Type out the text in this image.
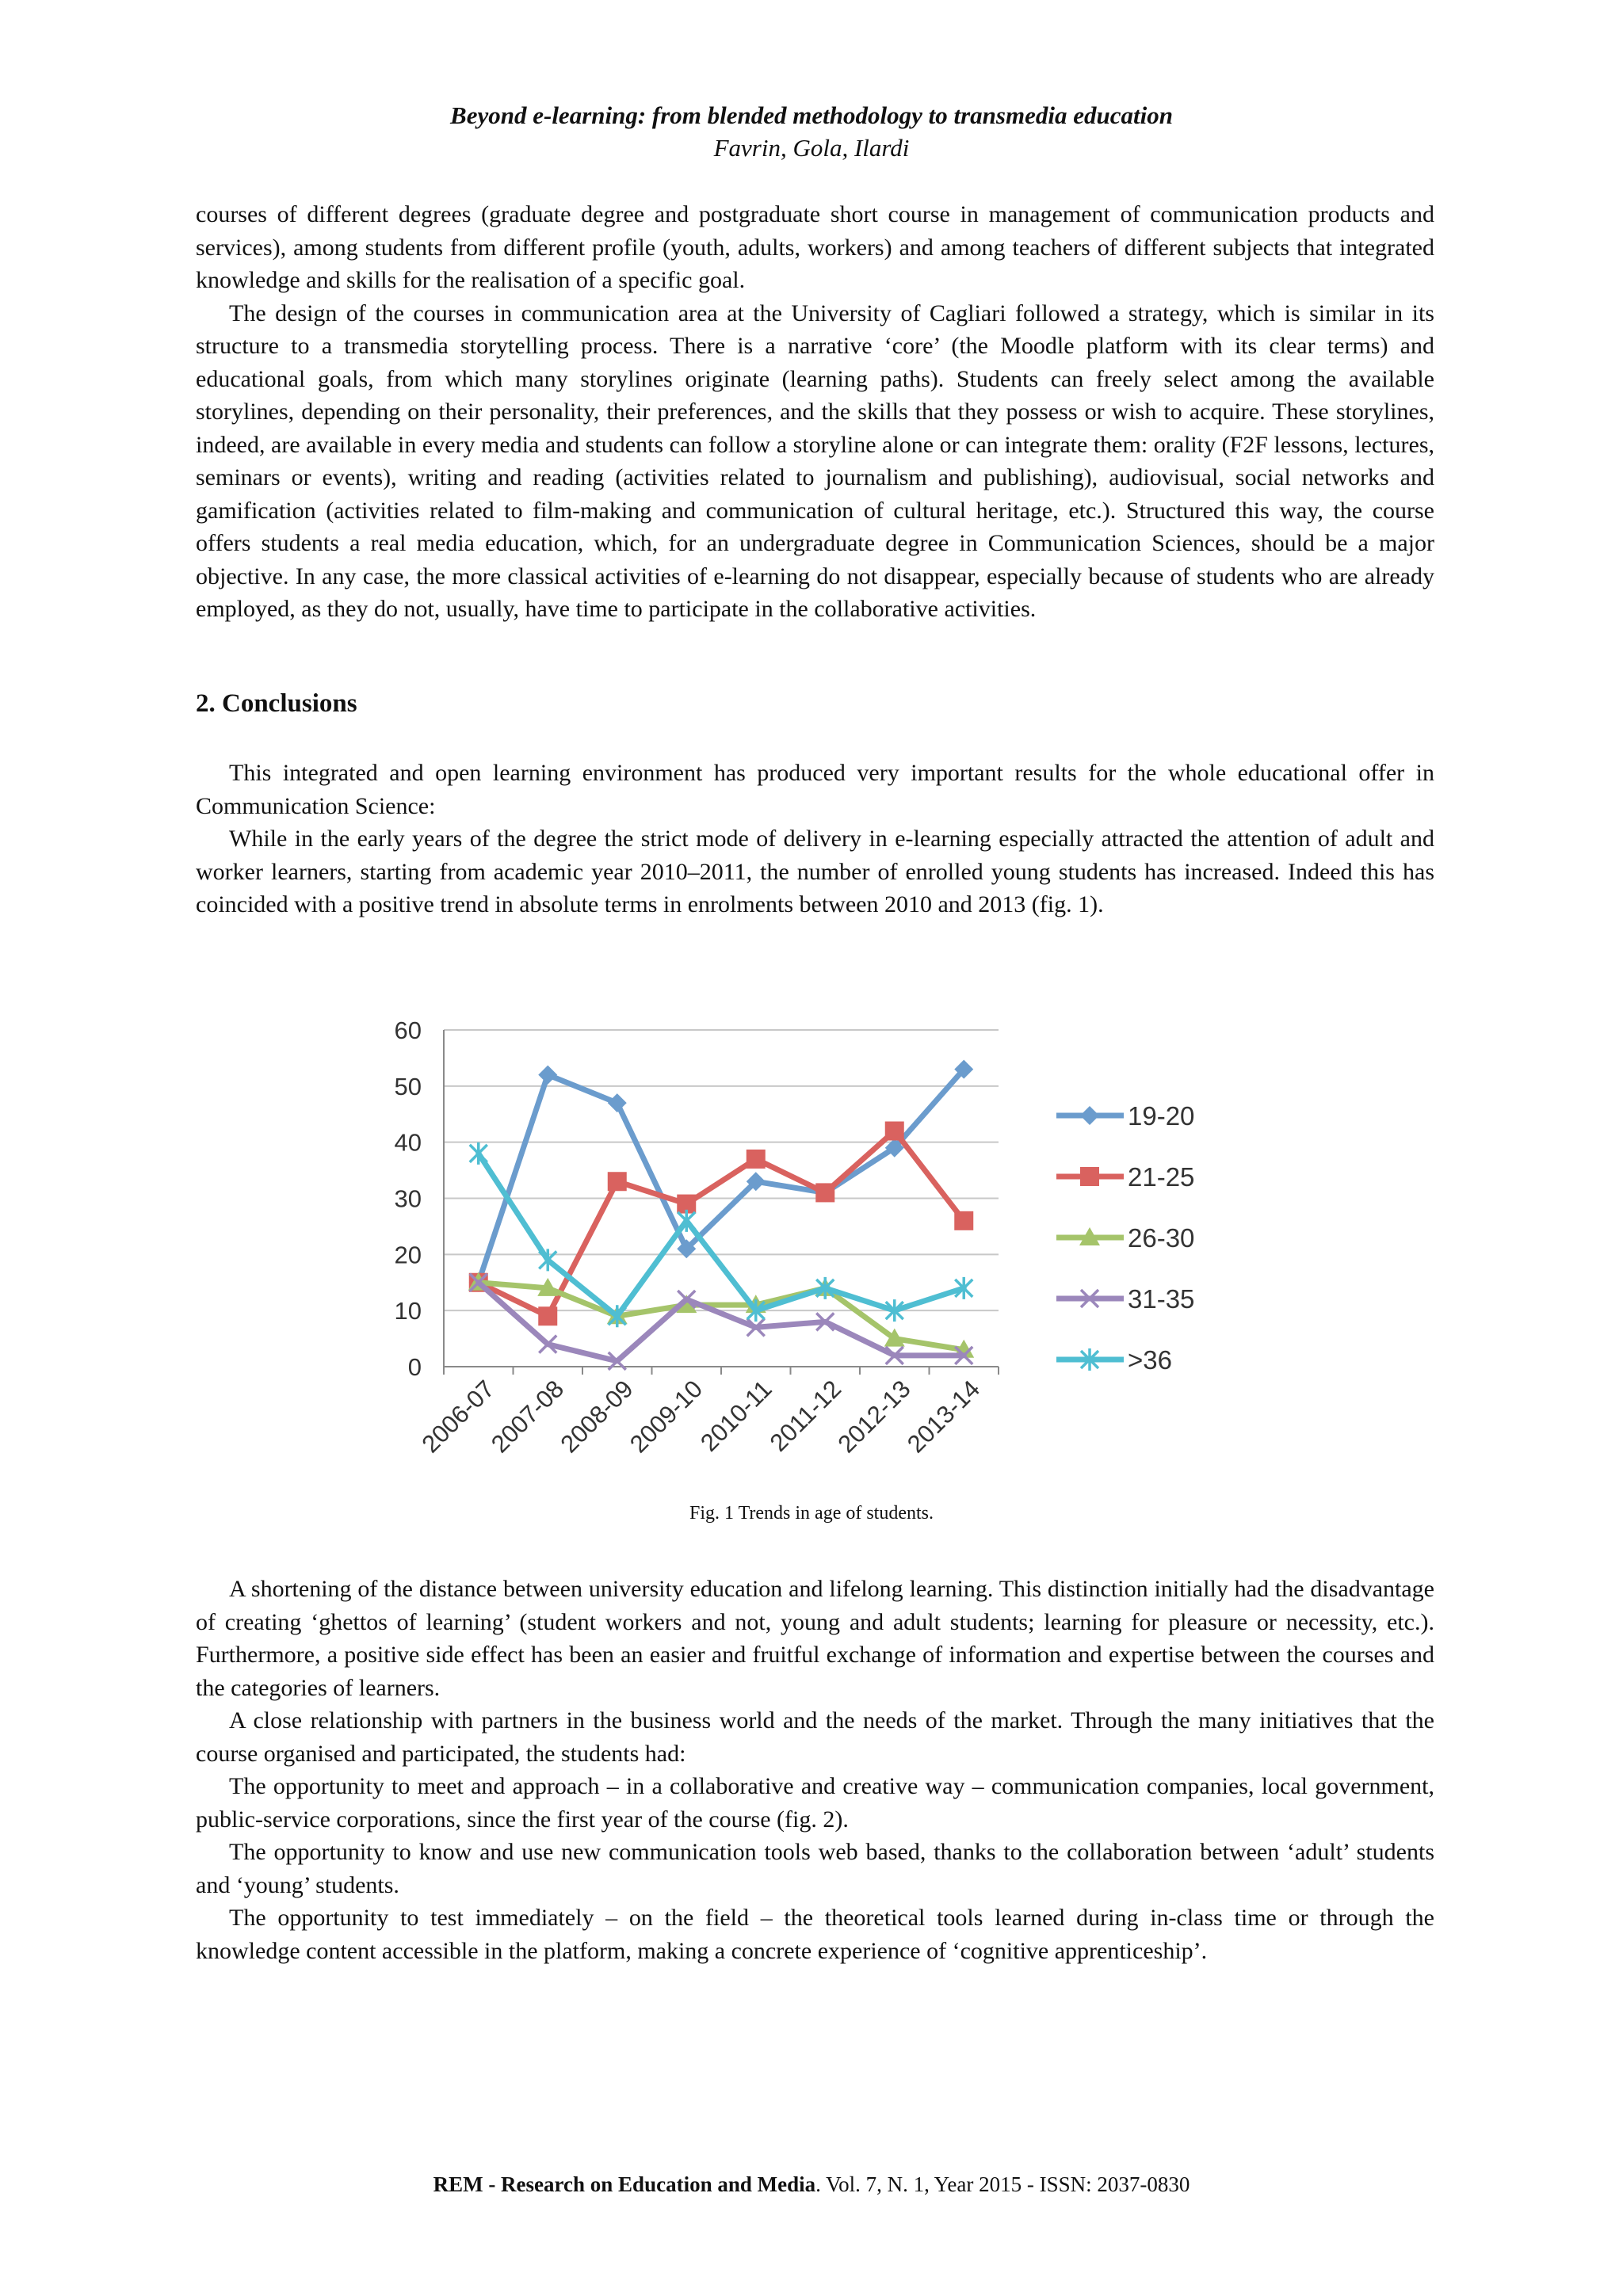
Beyond e-learning: from blended methodology to transmedia education
Favrin, Gola, Ilardi

courses of different degrees (graduate degree and postgraduate short course in management of communication products and services), among students from different profile (youth, adults, workers) and among teachers of different subjects that integrated knowledge and skills for the realisation of a specific goal.

The design of the courses in communication area at the University of Cagliari followed a strategy, which is similar in its structure to a transmedia storytelling process. There is a narrative ‘core’ (the Moodle platform with its clear terms) and educational goals, from which many storylines originate (learning paths). Students can freely select among the available storylines, depending on their personality, their preferences, and the skills that they possess or wish to acquire. These storylines, indeed, are available in every media and students can follow a storyline alone or can integrate them: orality (F2F lessons, lectures, seminars or events), writing and reading (activities related to journalism and publishing), audiovisual, social networks and gamification (activities related to film-making and communication of cultural heritage, etc.). Structured this way, the course offers students a real media education, which, for an undergraduate degree in Communication Sciences, should be a major objective. In any case, the more classical activities of e-learning do not disappear, especially because of students who are already employed, as they do not, usually, have time to participate in the collaborative activities.

2. Conclusions

This integrated and open learning environment has produced very important results for the whole educational offer in Communication Science:

While in the early years of the degree the strict mode of delivery in e-learning especially attracted the attention of adult and worker learners, starting from academic year 2010–2011, the number of enrolled young students has increased. Indeed this has coincided with a positive trend in absolute terms in enrolments between 2010 and 2013 (fig. 1).

0
10
20
30
40
50
60
2006-07
2007-08
2008-09
2009-10
2010-11
2011-12
2012-13
2013-14
19-20
21-25
26-30
31-35
>36
Fig. 1 Trends in age of students.

A shortening of the distance between university education and lifelong learning. This distinction initially had the disadvantage of creating ‘ghettos of learning’ (student workers and not, young and adult students; learning for pleasure or necessity, etc.). Furthermore, a positive side effect has been an easier and fruitful exchange of information and expertise between the courses and the categories of learners.

A close relationship with partners in the business world and the needs of the market. Through the many initiatives that the course organised and participated, the students had:

The opportunity to meet and approach – in a collaborative and creative way – communication companies, local government, public-service corporations, since the first year of the course (fig. 2).

The opportunity to know and use new communication tools web based, thanks to the collaboration between ‘adult’ students and ‘young’ students.

The opportunity to test immediately – on the field – the theoretical tools learned during in-class time or through the knowledge content accessible in the platform, making a concrete experience of ‘cognitive apprenticeship’.

REM - Research on Education and Media. Vol. 7, N. 1, Year 2015 - ISSN: 2037-0830
